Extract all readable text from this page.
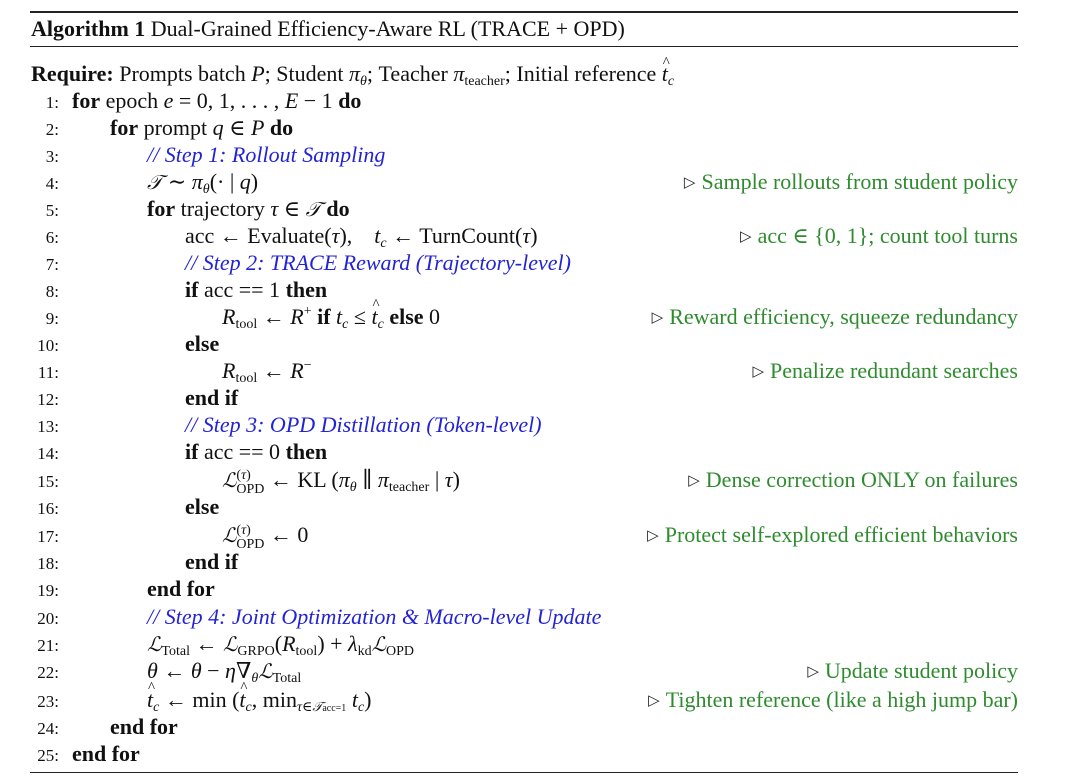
Algorithm 1 Dual-Grained Efficiency-Aware RL (TRACE + OPD)
Require: Prompts batch P; Student $\pi_\theta$; Teacher $\pi_{teacher}$; Initial reference ^ $t_c$
1: for epoch e = 0, 1, . . . , E − 1 do
2: for prompt q ∈ P do
3:	// Step 1: Rollout Sampling
4:	𝒯 ∼ $\pi_\theta(\cdot$ | q)	▷ Sample rollouts from student policy
5:	for trajectory τ ∈ 𝒯 do
6:	acc ← Evaluate(τ),    $t_c$ ← TurnCount(τ)	▷ acc ∈ {0, 1}; count tool turns
7:	// Step 2: TRACE Reward (Trajectory-level)
8:	if acc == 1 then
9:	$R_{tool}$ ← R+ if $t_c$ ≤ ^ $t_c$ else 0	▷ Reward efficiency, squeeze redundancy
10:	else
11:	$R_{tool}$ ← R−	▷ Penalize redundant searches
12:	end if
13:	// Step 3: OPD Distillation (Token-level)
14:	if acc == 0 then
15:	ℒ (τ)
OPD ← KL ($\pi_\theta$ ∥ $\pi_{teacher}$ | τ)	▷ Dense correction ONLY on failures
16:	else
17:	ℒ (τ)
OPD ← 0	▷ Protect self-explored efficient behaviors
18:	end if
19:	end for
20:	// Step 4: Joint Optimization & Macro-level Update
21:	ℒ$_{Total}$ ← $ℒ_{GRPO}(R_{tool})$ + $\lambda_{kd}ℒ_{OPD}$
22:	θ ← $\theta - \eta\nabla_\theta ℒ_{Total}$	▷ Update student policy
23:	^ $t_c$ ← min (^ $t_c$, $\min_{\tau\in 𝒯acc=1} t_c$)	▷ Tighten reference (like a high jump bar)
24: end for
25: end for
